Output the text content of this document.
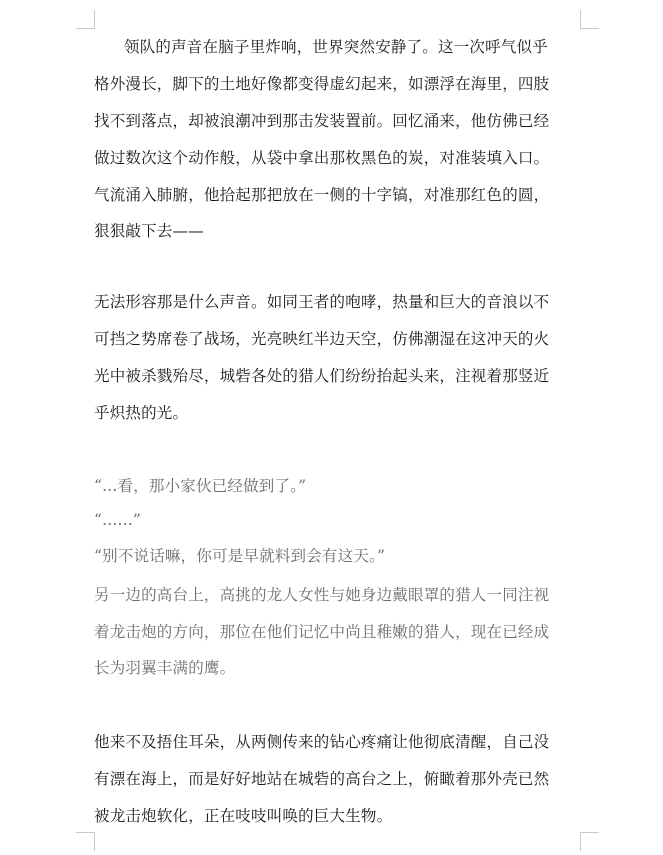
领队的声音在脑子里炸响，世界突然安静了。这一次呼气似乎
格外漫长，脚下的土地好像都变得虚幻起来，如漂浮在海里，四肢
找不到落点，却被浪潮冲到那击发装置前。回忆涌来，他仿佛已经
做过数次这个动作般，从袋中拿出那枚黑色的炭，对准装填入口。
气流涌入肺腑，他拾起那把放在一侧的十字镐，对准那红色的圆，
狠狠敲下去——
无法形容那是什么声音。如同王者的咆哮，热量和巨大的音浪以不
可挡之势席卷了战场，光亮映红半边天空，仿佛潮湿在这冲天的火
光中被杀戮殆尽，城砦各处的猎人们纷纷抬起头来，注视着那竖近
乎炽热的光。
“...看，那小家伙已经做到了。”
“......”
“别不说话嘛，你可是早就料到会有这天。”
另一边的高台上，高挑的龙人女性与她身边戴眼罩的猎人一同注视
着龙击炮的方向，那位在他们记忆中尚且稚嫩的猎人，现在已经成
长为羽翼丰满的鹰。
他来不及捂住耳朵，从两侧传来的钻心疼痛让他彻底清醒，自己没
有漂在海上，而是好好地站在城砦的高台之上，俯瞰着那外壳已然
被龙击炮软化，正在吱吱叫唤的巨大生物。
